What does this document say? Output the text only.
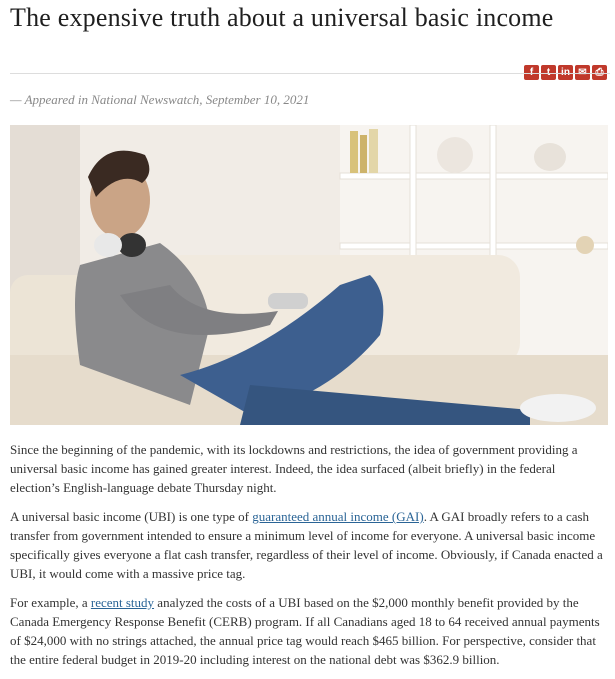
The expensive truth about a universal basic income
— Appeared in National Newswatch, September 10, 2021

Since the beginning of the pandemic, with its lockdowns and restrictions, the idea of government providing a universal basic income has gained greater interest. Indeed, the idea surfaced (albeit briefly) in the federal election’s English-language debate Thursday night.

A universal basic income (UBI) is one type of guaranteed annual income (GAI). A GAI broadly refers to a cash transfer from government intended to ensure a minimum level of income for everyone. A universal basic income specifically gives everyone a flat cash transfer, regardless of their level of income. Obviously, if Canada enacted a UBI, it would come with a massive price tag.

For example, a recent study analyzed the costs of a UBI based on the $2,000 monthly benefit provided by the Canada Emergency Response Benefit (CERB) program. If all Canadians aged 18 to 64 received annual payments of $24,000 with no strings attached, the annual price tag would reach $465 billion. For perspective, consider that the entire federal budget in 2019-20 including interest on the national debt was $362.9 billion.
